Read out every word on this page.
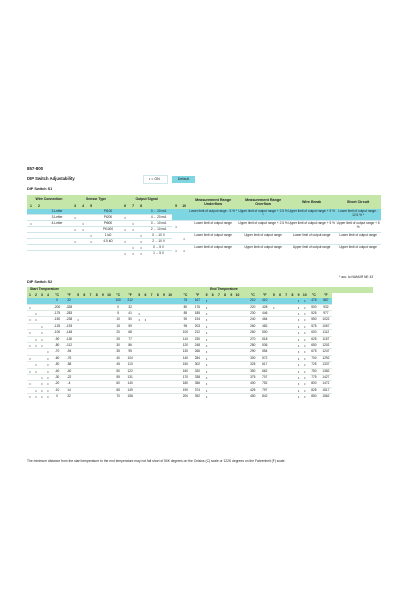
857-800
DIP Switch Adjustability	• = ON	Default
DIP Switch S1
Wire Connection			Sensor Type				Output Signal						Measurement Range Underflow	Measurement Range Overflow	Wire Break	Short Circuit
1	2		3	4	5		6	7	8		9	10				
		2-Leiter				Pt100				0 ... 20 mA			Lower limit of output range - 5 % *	Upper limit of output range + 2.5 % *	Upper limit of output range + 5 %	Lower limit of output range - 12.5 % *
		3-Leiter	•			Pt200	•			4 ... 20 mA						
•		4-Leiter		•		Pt500		•		0 ... 10 mA	•		Lower limit of output range	Upper limit of output range + 2.5 %	Upper limit of output range + 5 %	Upper limit of output range + 5 %
			•	•		Pt1000	•	•		2 ... 10 mA						
					•	1 kΩ			•	0 ... 10 V		•	Lower limit of output range	Upper limit of output range	Lower limit of output range	Lower limit of output range
			•		•	4.5 kΩ	•		•	2 ... 10 V						
								•	•	0 ... 5 V	•	•	Lower limit of output range	Upper limit of output range	Upper limit of output range	Upper limit of output range
							•	•	•	1 ... 5 V						
* acc. to NAMUR NE 43
DIP Switch S2
Start Temperature						End Temperature																																	
1	2	3	4	°C	°F	5	6	7	8	9	10	°C	°F	5	6	7	8	9	10		°C	°F	5	6	7	8	9	10		°C	°F	5	6	7	8	9	10	°C	°F
				0	32							100	212								75	167	•							210	410					•	•	475	887
•				-200	-328							0	32								80	176	•							220	428	•				•	•	500	932
	•			-175	-283							5	41	•							85	185	•							230	446					•	•	525	977
•	•			-150	-238	•						10	50	•	•						90	194	•							240	464					•	•	550	1022
		•		-125	-193							15	59								95	203	•							260	482					•	•	575	1067
•		•		-100	-148							20	68								100	212	•							260	500					•	•	600	1112
	•	•		-90	-130							25	77								110	230	•							270	518					•	•	625	1157
•	•	•		-80	-112							30	86								120	248	•							280	536					•	•	650	1202
			•	-70	-94							35	95								130	266	•							290	554					•	•	675	1247
•			•	-60	-76							40	104								140	284	•							300	572					•	•	700	1292
	•		•	-50	-58							45	113								150	302	•							325	617					•	•	725	1337
•	•		•	-40	-40							50	122								160	320	•							350	662					•	•	750	1382
		•	•	-30	-22							55	131								170	338	•							375	707					•	•	775	1427
•		•	•	-20	-4							60	140								180	356	•							400	752					•	•	800	1472
	•	•	•	-10	14							65	149								190	374	•							425	797					•	•	825	1517
•	•	•	•	0	32							70	158								200	392	•							450	842					•	•	850	1562
The minimum distance from the start temperature to the end temperature may not fall short of 50K degrees on the Celsius (C) scale or 122K degrees on the Fahrenheit (F) scale.
